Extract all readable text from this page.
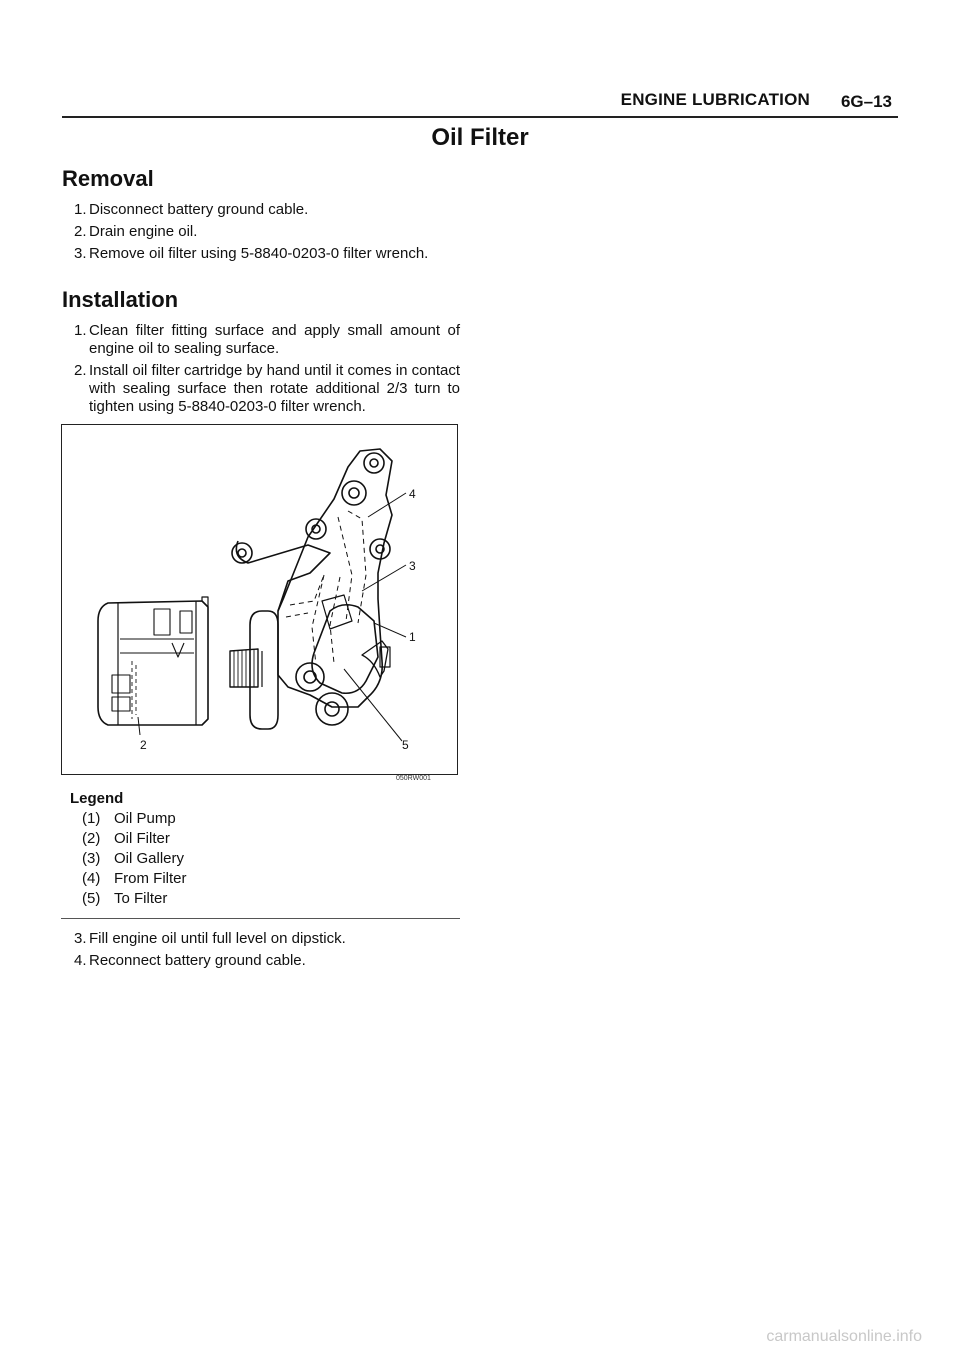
ENGINE LUBRICATION 6G–13
Oil Filter
Removal
1. Disconnect battery ground cable.
2. Drain engine oil.
3. Remove oil filter using 5-8840-0203-0 filter wrench.
Installation
1. Clean filter fitting surface and apply small amount of engine oil to sealing surface.
2. Install oil filter cartridge by hand until it comes in contact with sealing surface then rotate additional 2/3 turn to tighten using 5-8840-0203-0 filter wrench.
4
3
1
2	5
050RW001
Legend
(1) Oil Pump
(2) Oil Filter
(3) Oil Gallery
(4) From Filter
(5) To Filter
3. Fill engine oil until full level on dipstick.
4. Reconnect battery ground cable.
carmanualsonline.info
